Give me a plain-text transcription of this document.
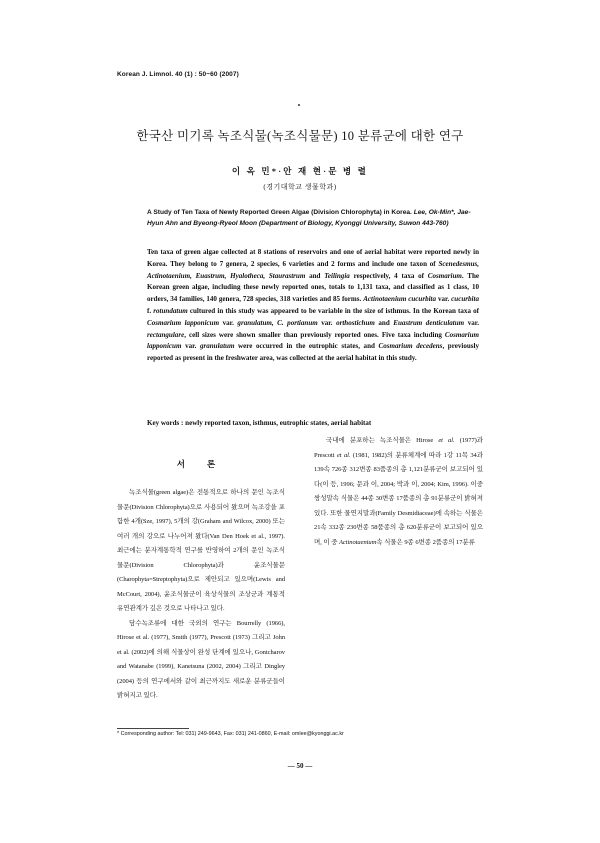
Korean J. Limnol. 40 (1) : 50~60 (2007)
한국산 미기록 녹조식물(녹조식물문) 10 분류군에 대한 연구
이 옥 민*·안 재 현·문 병 렬
(경기대학교 생물학과)
A Study of Ten Taxa of Newly Reported Green Algae (Division Chlorophyta) in Korea. Lee, Ok-Min*, Jae-Hyun Ahn and Byeong-Ryeol Moon (Department of Biology, Kyonggi University, Suwon 443-760)
Ten taxa of green algae collected at 8 stations of reservoirs and one of aerial habitat were reported newly in Korea. They belong to 7 genera, 2 species, 6 varieties and 2 forms and include one taxon of Scenedesmus, Actinotaenium, Euastrum, Hyalotheca, Staurastrum and Teilingia respectively, 4 taxa of Cosmarium. The Korean green algae, including these newly reported ones, totals to 1,131 taxa, and classified as 1 class, 10 orders, 34 families, 140 genera, 728 species, 318 varieties and 85 forms. Actinotaenium cucurbita var. cucurbita f. rotundatum cultured in this study was appeared to be variable in the size of isthmus. In the Korean taxa of Cosmarium lapponicum var. granulatum, C. portianum var. orthostichum and Euastrum denticulatum var. rectangulare, cell sizes were shown smaller than previously reported ones. Five taxa including Cosmarium lapponicum var. granulatum were occurred in the eutrophic states, and Cosmarium decedens, previously reported as present in the freshwater area, was collected at the aerial habitat in this study.
Key words : newly reported taxon, isthmus, eutrophic states, aerial habitat
서 론

녹조식물(green algae)은 전통적으로 하나의 문인 녹조식물문(Division Chlorophyta)으로 사용되어 왔으며 녹조강을 포함한 4개(Sze, 1997), 5개의 강(Graham and Wilcox, 2000) 또는 여러 개의 강으로 나누어져 왔다(Van Den Hoek et al., 1997). 최근에는 분자계통학적 연구를 반영하여 2개의 문인 녹조식물문(Division Chlorophyta)과 윤조식물문(Charophyta=Streptophyta)으로 제안되고 있으며(Lewis and McCourt, 2004), 윤조식물군이 육상식물의 조상군과 계통적 유연관계가 깊은 것으로 나타나고 있다.

담수녹조류에 대한 국외의 연구는 Bourrelly (1966), Hirose et al. (1977), Smith (1977), Prescott (1973) 그리고 John et al. (2002)에 의해 식물상이 완성 단계에 있으나, Gontcharov and Watanabe (1999), Kanetsuna (2002, 2004) 그리고 Dingley (2004) 등의 연구에서와 같이 최근까지도 새로운 분류군들이 밝혀지고 있다.

국내에 분포하는 녹조식물은 Hirose et al. (1977)과 Prescott et al. (1981, 1982)의 분류체계에 따라 1강 11목 34과 139속 726종 312변종 83품종의 총 1,121분류군이 보고되어 있다(이 등, 1996; 문과 이, 2004; 박과 이, 2004; Kim, 1996). 이중 쌍성말속 식물은 44종 30변종 17품종의 총 91분류군이 밝혀져 있다. 또한 물연지말과(Family Desmidiaceae)에 속하는 식물은 21속 332종 230변종 58품종의 총 620분류군이 보고되어 있으며, 이 중 Actinotaenium속 식물은 9종 6변종 2품종의 17분류

* Corresponding author: Tel: 031) 249-9643, Fax: 031) 241-0860, E-mail: omlee@kyonggi.ac.kr
— 50 —
